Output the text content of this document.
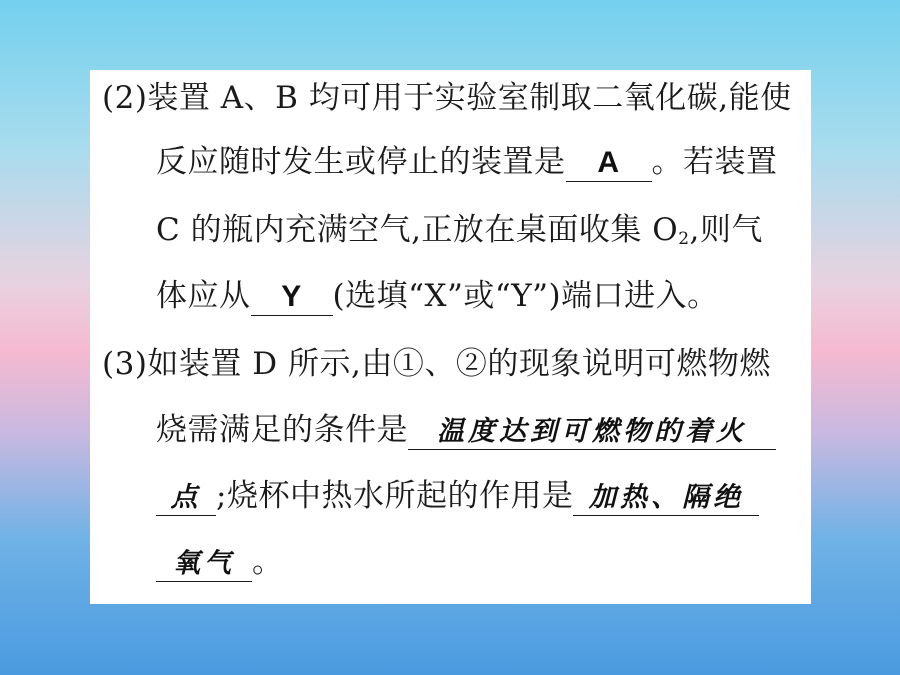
(2)装置 A、B 均可用于实验室制取二氧化碳,能使
反应随时发生或停止的装置是 A 。若装置
C 的瓶内充满空气,正放在桌面收集 $O_2$,则气
体应从 Y (选填“X”或“Y”)端口进入。
(3)如装置 D 所示,由①、②的现象说明可燃物燃
烧需满足的条件是 温度达到可燃物的着火
点 ;烧杯中热水所起的作用是 加热、隔绝
氧气 。
